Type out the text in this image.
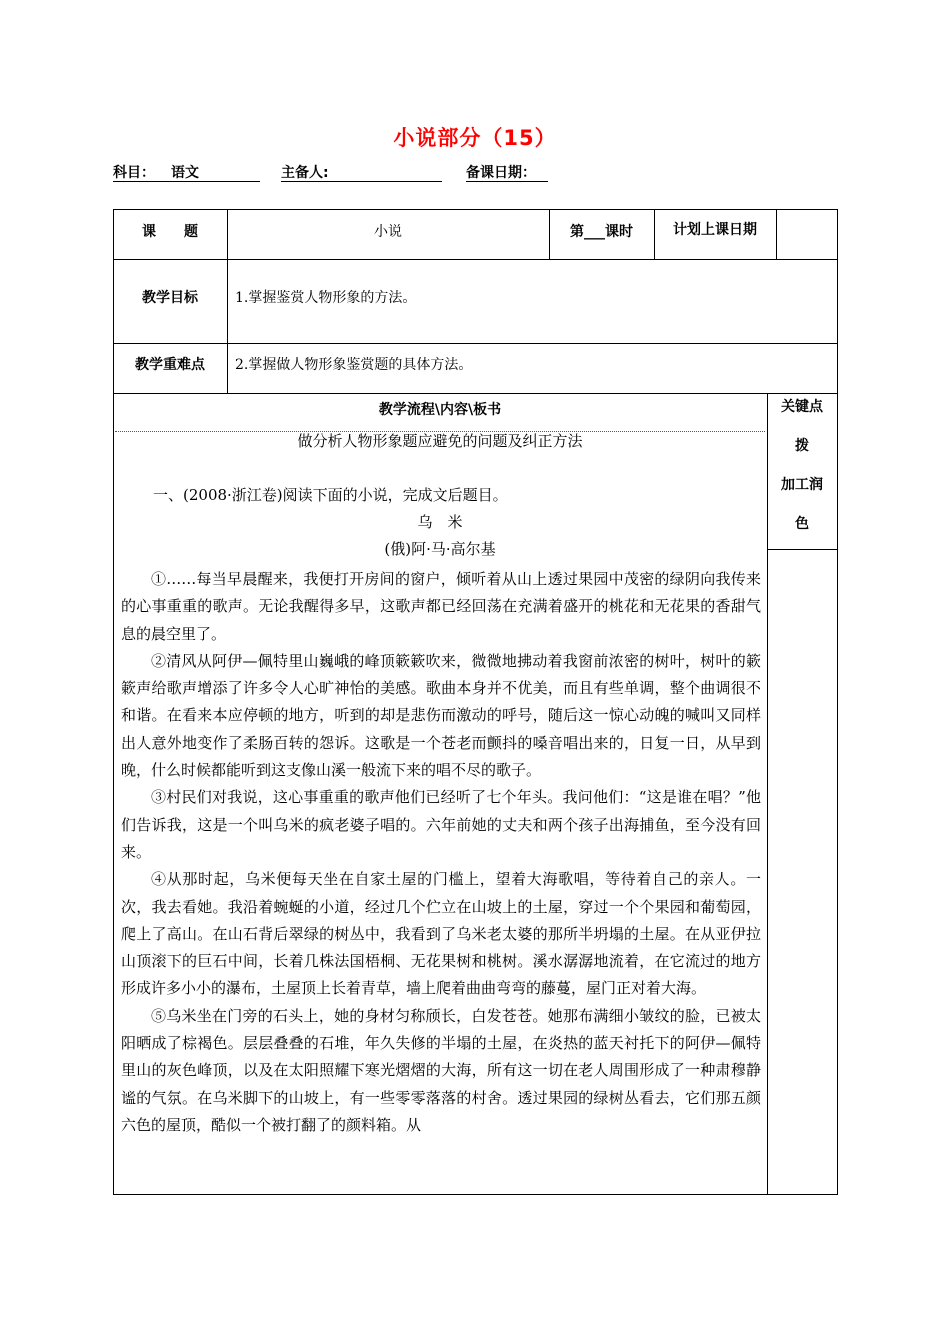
小说部分（15）
科目： 语文	主备人:	备课日期：
课　　题	小说	第___课时	计划上课日期
教学目标	1.掌握鉴赏人物形象的方法。
教学重难点	2.掌握做人物形象鉴赏题的具体方法。
教学流程\内容\板书	关键点
拨
加工润
色
做分析人物形象题应避免的问题及纠正方法
一、(2008·浙江卷)阅读下面的小说，完成文后题目。
乌　米
(俄)阿·马·高尔基

①……每当早晨醒来，我便打开房间的窗户，倾听着从山上透过果园中茂密的绿阴向我传来的心事重重的歌声。无论我醒得多早，这歌声都已经回荡在充满着盛开的桃花和无花果的香甜气息的晨空里了。

②清风从阿伊—佩特里山巍峨的峰顶簌簌吹来，微微地拂动着我窗前浓密的树叶，树叶的簌簌声给歌声增添了许多令人心旷神怡的美感。歌曲本身并不优美，而且有些单调，整个曲调很不和谐。在看来本应停顿的地方，听到的却是悲伤而激动的呼号，随后这一惊心动魄的喊叫又同样出人意外地变作了柔肠百转的怨诉。这歌是一个苍老而颤抖的嗓音唱出来的，日复一日，从早到晚，什么时候都能听到这支像山溪一般流下来的唱不尽的歌子。

③村民们对我说，这心事重重的歌声他们已经听了七个年头。我问他们：“这是谁在唱？”他们告诉我，这是一个叫乌米的疯老婆子唱的。六年前她的丈夫和两个孩子出海捕鱼，至今没有回来。

④从那时起，乌米便每天坐在自家土屋的门槛上，望着大海歌唱，等待着自己的亲人。一次，我去看她。我沿着蜿蜒的小道，经过几个伫立在山坡上的土屋，穿过一个个果园和葡萄园，爬上了高山。在山石背后翠绿的树丛中，我看到了乌米老太婆的那所半坍塌的土屋。在从亚伊拉山顶滚下的巨石中间，长着几株法国梧桐、无花果树和桃树。溪水潺潺地流着，在它流过的地方形成许多小小的瀑布，土屋顶上长着青草，墙上爬着曲曲弯弯的藤蔓，屋门正对着大海。

⑤乌米坐在门旁的石头上，她的身材匀称颀长，白发苍苍。她那布满细小皱纹的脸，已被太阳晒成了棕褐色。层层叠叠的石堆，年久失修的半塌的土屋，在炎热的蓝天衬托下的阿伊—佩特里山的灰色峰顶，以及在太阳照耀下寒光熠熠的大海，所有这一切在老人周围形成了一种肃穆静谧的气氛。在乌米脚下的山坡上，有一些零零落落的村舍。透过果园的绿树丛看去，它们那五颜六色的屋顶，酷似一个被打翻了的颜料箱。从
